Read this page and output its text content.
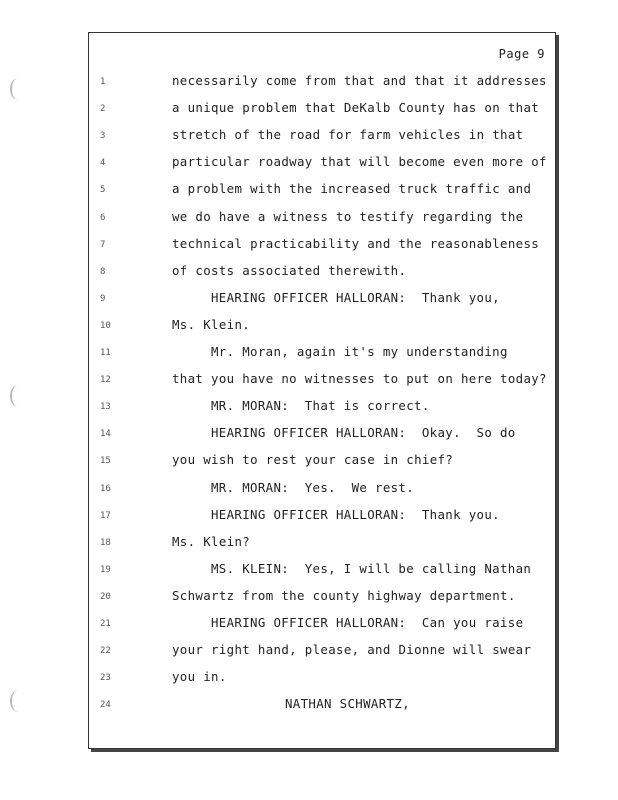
Page 9
1	necessarily come from that and that it addresses
2	a unique problem that DeKalb County has on that
3	stretch of the road for farm vehicles in that
4	particular roadway that will become even more of
5	a problem with the increased truck traffic and
6	we do have a witness to testify regarding the
7	technical practicability and the reasonableness
8	of costs associated therewith.
9	HEARING OFFICER HALLORAN:  Thank you,
10	Ms. Klein.
11	Mr. Moran, again it's my understanding
12	that you have no witnesses to put on here today?
13	MR. MORAN:  That is correct.
14	HEARING OFFICER HALLORAN:  Okay.  So do
15	you wish to rest your case in chief?
16	MR. MORAN:  Yes.  We rest.
17	HEARING OFFICER HALLORAN:  Thank you.
18	Ms. Klein?
19	MS. KLEIN:  Yes, I will be calling Nathan
20	Schwartz from the county highway department.
21	HEARING OFFICER HALLORAN:  Can you raise
22	your right hand, please, and Dionne will swear
23	you in.
24	NATHAN SCHWARTZ,
